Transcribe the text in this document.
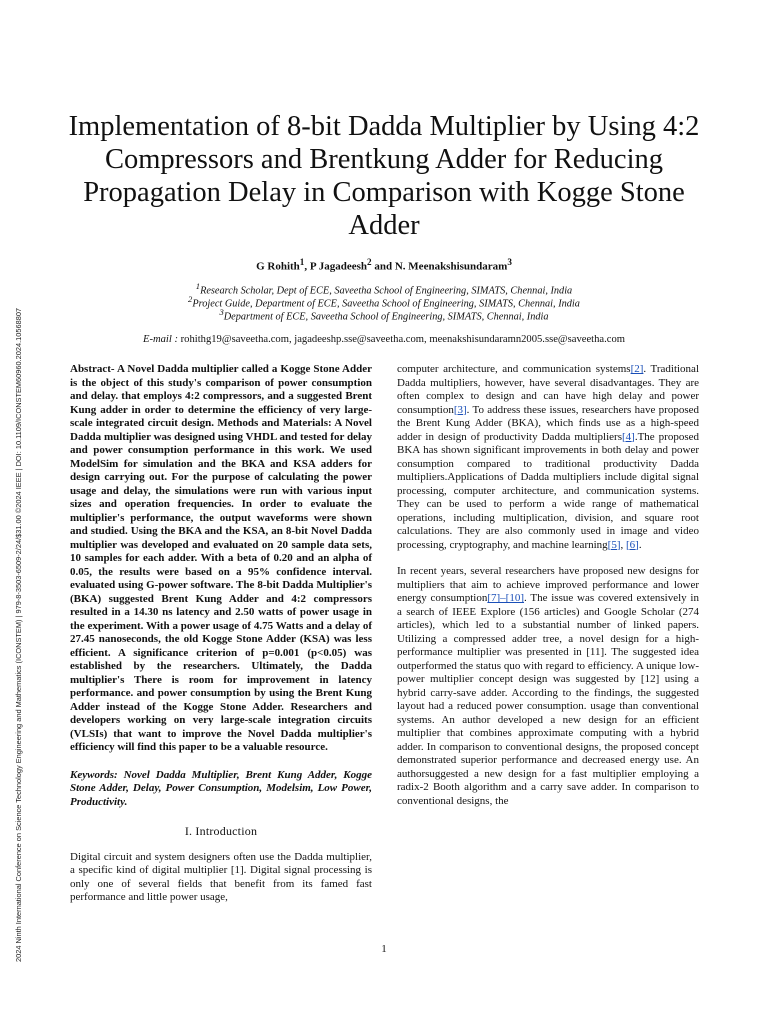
2024 Ninth International Conference on Science Technology Engineering and Mathematics (ICONSTEM) | 979-8-3503-6509-2/24/$31.00 ©2024 IEEE | DOI: 10.1109/ICONSTEM60960.2024.10568807
Implementation of 8-bit Dadda Multiplier by Using 4:2 Compressors and Brentkung Adder for Reducing Propagation Delay in Comparison with Kogge Stone Adder
G Rohith$^1$, P Jagadeesh$^2$ and N. Meenakshisundaram$^3$
$^1$Research Scholar, Dept of ECE, Saveetha School of Engineering, SIMATS, Chennai, India
$^2$Project Guide, Department of ECE, Saveetha School of Engineering, SIMATS, Chennai, India
$^3$Department of ECE, Saveetha School of Engineering, SIMATS, Chennai, India
E-mail : rohithg19@saveetha.com, jagadeeshp.sse@saveetha.com, meenakshisundaramn2005.sse@saveetha.com

Abstract- A Novel Dadda multiplier called a Kogge Stone Adder is the object of this study's comparison of power consumption and delay. that employs 4:2 compressors, and a suggested Brent Kung adder in order to determine the efficiency of very large-scale integrated circuit design. Methods and Materials: A Novel Dadda multiplier was designed using VHDL and tested for delay and power consumption performance in this work. We used ModelSim for simulation and the BKA and KSA adders for design carrying out. For the purpose of calculating the power usage and delay, the simulations were run with various input sizes and operation frequencies. In order to evaluate the multiplier's performance, the output waveforms were shown and studied. Using the BKA and the KSA, an 8-bit Novel Dadda multiplier was developed and evaluated on 20 sample data sets, 10 samples for each adder. With a beta of 0.20 and an alpha of 0.05, the results were based on a 95% confidence interval. evaluated using G-power software. The 8-bit Dadda Multiplier's (BKA) suggested Brent Kung Adder and 4:2 compressors resulted in a 14.30 ns latency and 2.50 watts of power usage in the experiment. With a power usage of 4.75 Watts and a delay of 27.45 nanoseconds, the old Kogge Stone Adder (KSA) was less efficient. A significance criterion of p=0.001 (p<0.05) was established by the researchers. Ultimately, the Dadda multiplier's There is room for improvement in latency performance. and power consumption by using the Brent Kung Adder instead of the Kogge Stone Adder. Researchers and developers working on very large-scale integration circuits (VLSIs) that want to improve the Novel Dadda multiplier's efficiency will find this paper to be a valuable resource.

Keywords: Novel Dadda Multiplier, Brent Kung Adder, Kogge Stone Adder, Delay, Power Consumption, Modelsim, Low Power, Productivity.

I. Introduction

Digital circuit and system designers often use the Dadda multiplier, a specific kind of digital multiplier [1]. Digital signal processing is only one of several fields that benefit from its famed fast performance and little power usage,

computer architecture, and communication systems[2]. Traditional Dadda multipliers, however, have several disadvantages. They are often complex to design and can have high delay and power consumption[3]. To address these issues, researchers have proposed the Brent Kung Adder (BKA), which finds use as a high-speed adder in design of productivity Dadda multipliers[4].The proposed BKA has shown significant improvements in both delay and power consumption compared to traditional productivity Dadda multipliers.Applications of Dadda multipliers include digital signal processing, computer architecture, and communication systems. They can be used to perform a wide range of mathematical operations, including multiplication, division, and square root calculations. They are also commonly used in image and video processing, cryptography, and machine learning[5], [6].

In recent years, several researchers have proposed new designs for multipliers that aim to achieve improved performance and lower energy consumption[7]–[10]. The issue was covered extensively in a search of IEEE Explore (156 articles) and Google Scholar (274 articles), which led to a substantial number of linked papers. Utilizing a compressed adder tree, a novel design for a high-performance multiplier was presented in [11]. The suggested idea outperformed the status quo with regard to efficiency. A unique low-power multiplier concept design was suggested by [12] using a hybrid carry-save adder. According to the findings, the suggested layout had a reduced power consumption. usage than conventional systems. An author developed a new design for an efficient multiplier that combines approximate computing with a hybrid adder. In comparison to conventional designs, the proposed concept demonstrated superior performance and decreased energy use. An authorsuggested a new design for a fast multiplier employing a radix-2 Booth algorithm and a carry save adder. In comparison to conventional designs, the

1
